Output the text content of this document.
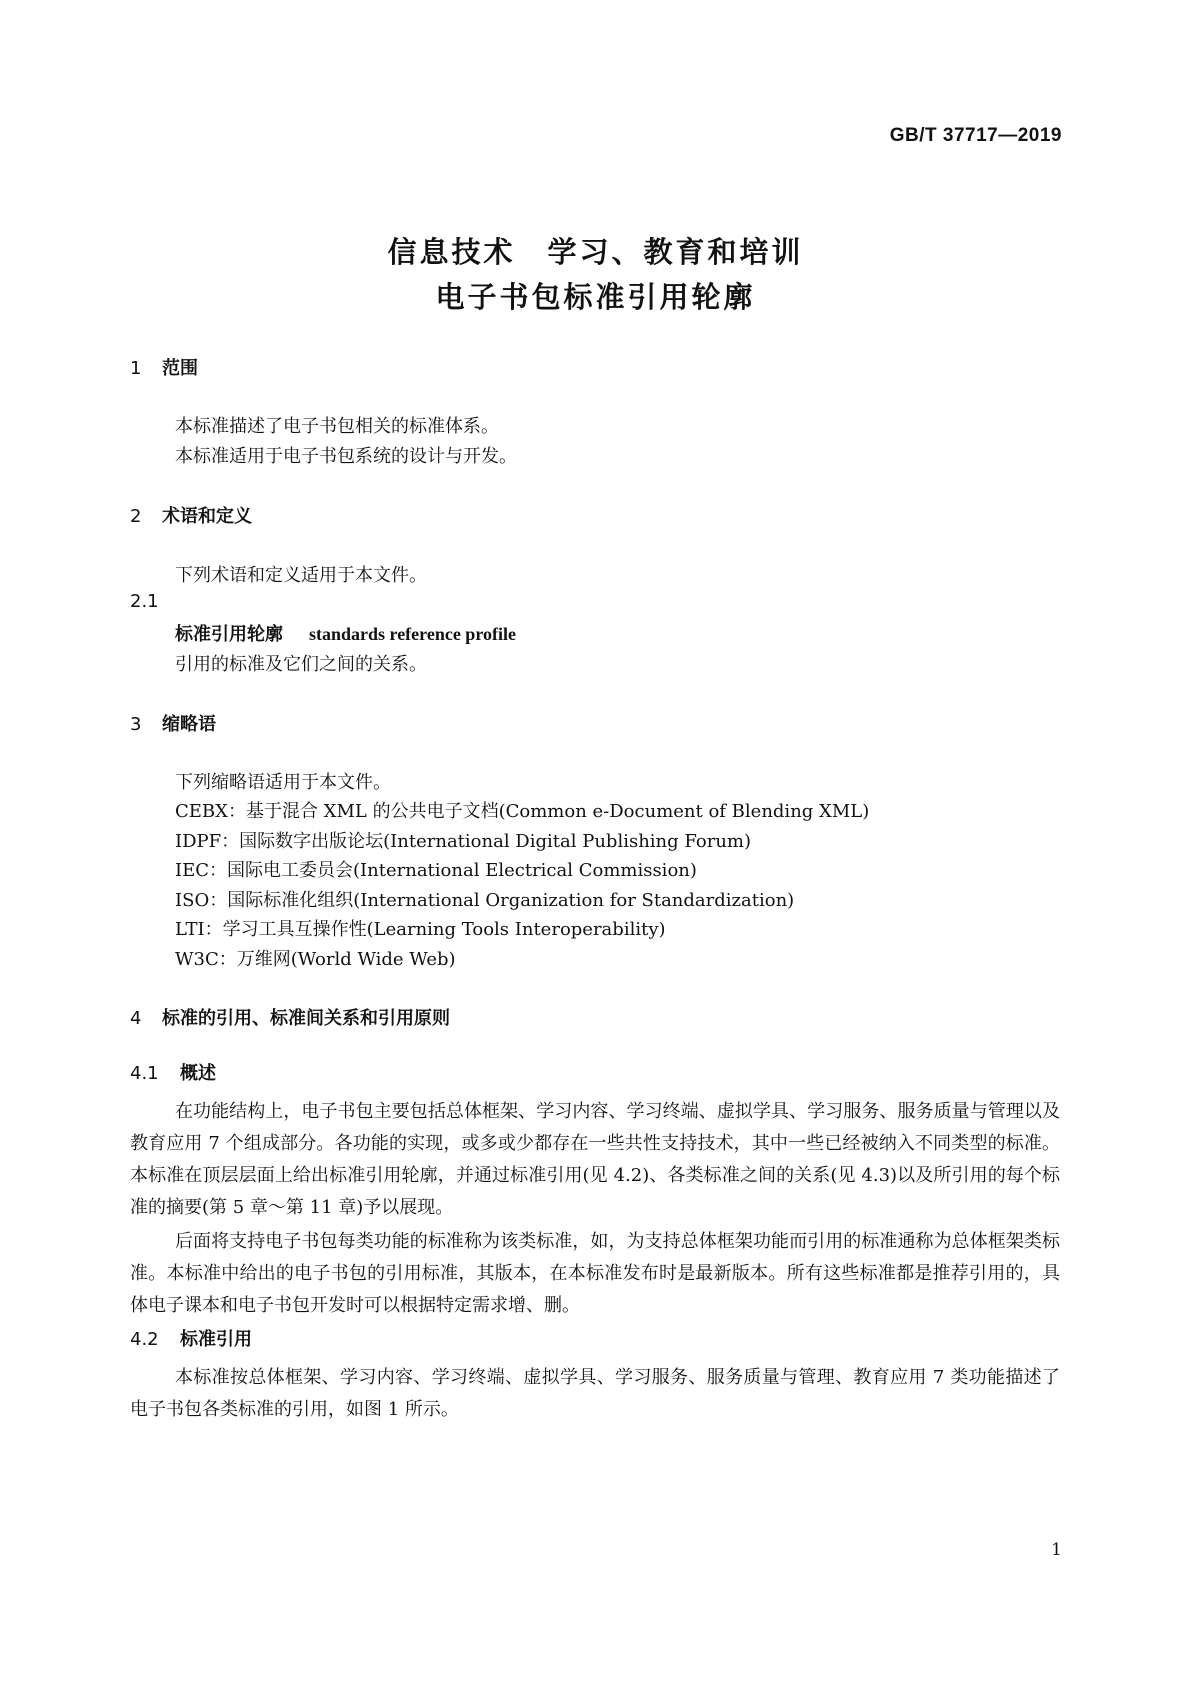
GB/T 37717—2019
信息技术　学习、教育和培训
电子书包标准引用轮廓
1 范围
本标准描述了电子书包相关的标准体系。
本标准适用于电子书包系统的设计与开发。
2 术语和定义
下列术语和定义适用于本文件。
2.1
标准引用轮廓 standards reference profile
引用的标准及它们之间的关系。
3 缩略语
下列缩略语适用于本文件。
CEBX：基于混合 XML 的公共电子文档(Common e-Document of Blending XML)
IDPF：国际数字出版论坛(International Digital Publishing Forum)
IEC：国际电工委员会(International Electrical Commission)
ISO：国际标准化组织(International Organization for Standardization)
LTI：学习工具互操作性(Learning Tools Interoperability)
W3C：万维网(World Wide Web)
4 标准的引用、标准间关系和引用原则
4.1 概述

在功能结构上，电子书包主要包括总体框架、学习内容、学习终端、虚拟学具、学习服务、服务质量与管理以及教育应用 7 个组成部分。各功能的实现，或多或少都存在一些共性支持技术，其中一些已经被纳入不同类型的标准。本标准在顶层层面上给出标准引用轮廓，并通过标准引用(见 4.2)、各类标准之间的关系(见 4.3)以及所引用的每个标准的摘要(第 5 章～第 11 章)予以展现。

后面将支持电子书包每类功能的标准称为该类标准，如，为支持总体框架功能而引用的标准通称为总体框架类标准。本标准中给出的电子书包的引用标准，其版本，在本标准发布时是最新版本。所有这些标准都是推荐引用的，具体电子课本和电子书包开发时可以根据特定需求增、删。

4.2 标准引用

本标准按总体框架、学习内容、学习终端、虚拟学具、学习服务、服务质量与管理、教育应用 7 类功能描述了电子书包各类标准的引用，如图 1 所示。

1
